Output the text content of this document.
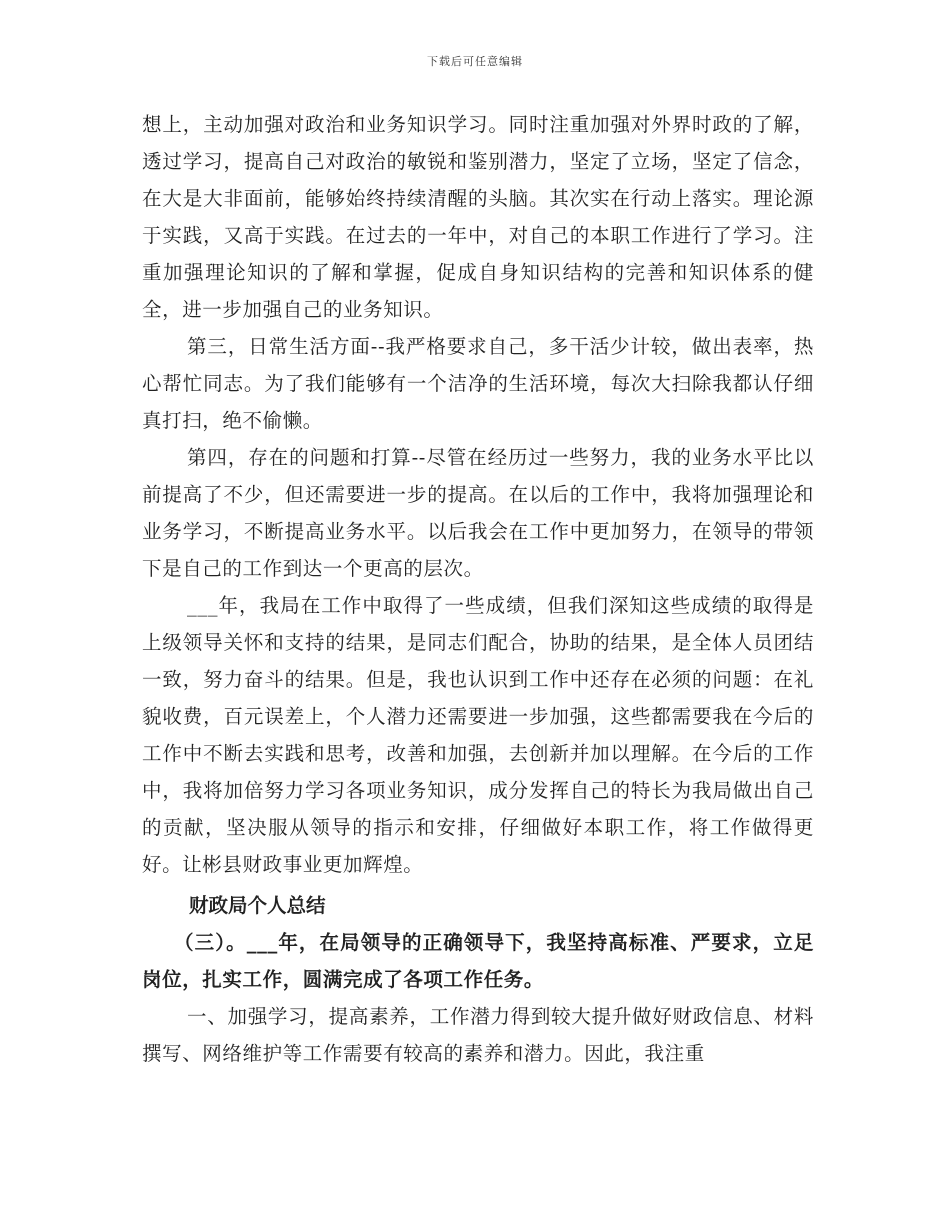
下载后可任意编辑

想上，主动加强对政治和业务知识学习。同时注重加强对外界时政的了解，透过学习，提高自己对政治的敏锐和鉴别潜力，坚定了立场，坚定了信念，在大是大非面前，能够始终持续清醒的头脑。其次实在行动上落实。理论源于实践，又高于实践。在过去的一年中，对自己的本职工作进行了学习。注重加强理论知识的了解和掌握，促成自身知识结构的完善和知识体系的健全，进一步加强自己的业务知识。

第三，日常生活方面--我严格要求自己，多干活少计较，做出表率，热心帮忙同志。为了我们能够有一个洁净的生活环境，每次大扫除我都认仔细真打扫，绝不偷懒。

第四，存在的问题和打算--尽管在经历过一些努力，我的业务水平比以前提高了不少，但还需要进一步的提高。在以后的工作中，我将加强理论和业务学习，不断提高业务水平。以后我会在工作中更加努力，在领导的带领下是自己的工作到达一个更高的层次。

___年，我局在工作中取得了一些成绩，但我们深知这些成绩的取得是上级领导关怀和支持的结果，是同志们配合，协助的结果，是全体人员团结一致，努力奋斗的结果。但是，我也认识到工作中还存在必须的问题：在礼貌收费，百元误差上，个人潜力还需要进一步加强，这些都需要我在今后的工作中不断去实践和思考，改善和加强，去创新并加以理解。在今后的工作中，我将加倍努力学习各项业务知识，成分发挥自己的特长为我局做出自己的贡献，坚决服从领导的指示和安排，仔细做好本职工作，将工作做得更好。让彬县财政事业更加辉煌。

财政局个人总结

（三）。___年，在局领导的正确领导下，我坚持高标准、严要求，立足岗位，扎实工作，圆满完成了各项工作任务。

一、加强学习，提高素养，工作潜力得到较大提升做好财政信息、材料撰写、网络维护等工作需要有较高的素养和潜力。因此，我注重
